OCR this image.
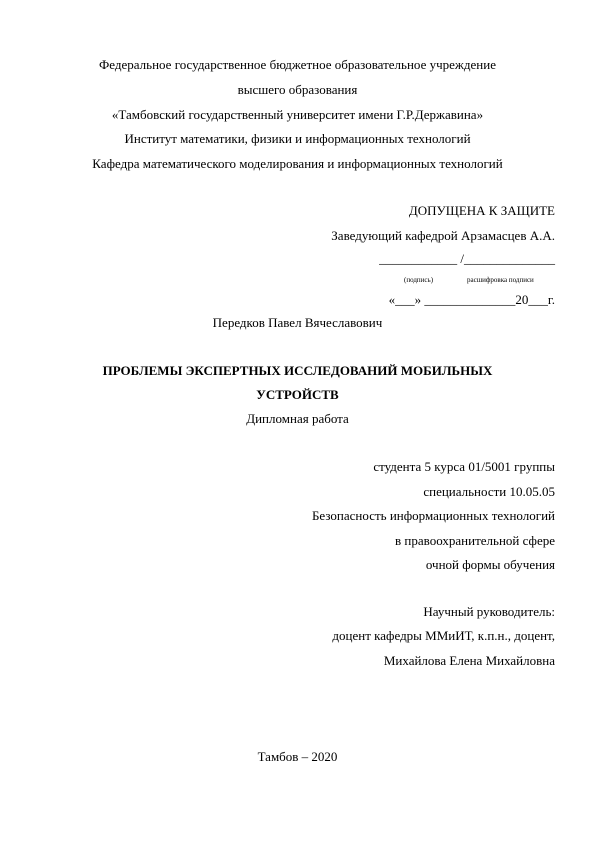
Федеральное государственное бюджетное образовательное учреждение
высшего образования
«Тамбовский государственный университет имени Г.Р.Державина»
Институт математики, физики и информационных технологий
Кафедра математического моделирования и информационных технологий
ДОПУЩЕНА К ЗАЩИТЕ
Заведующий кафедрой Арзамасцев А.А.
____________ /______________
(подпись)	расшифровка подписи
«___» ______________20___г.
Передков Павел Вячеславович
ПРОБЛЕМЫ ЭКСПЕРТНЫХ ИССЛЕДОВАНИЙ МОБИЛЬНЫХ
УСТРОЙСТВ
Дипломная работа
студента 5 курса 01/5001 группы
специальности 10.05.05
Безопасность информационных технологий
в правоохранительной сфере
очной формы обучения
Научный руководитель:
доцент кафедры ММиИТ, к.п.н., доцент,
Михайлова Елена Михайловна
Тамбов – 2020
